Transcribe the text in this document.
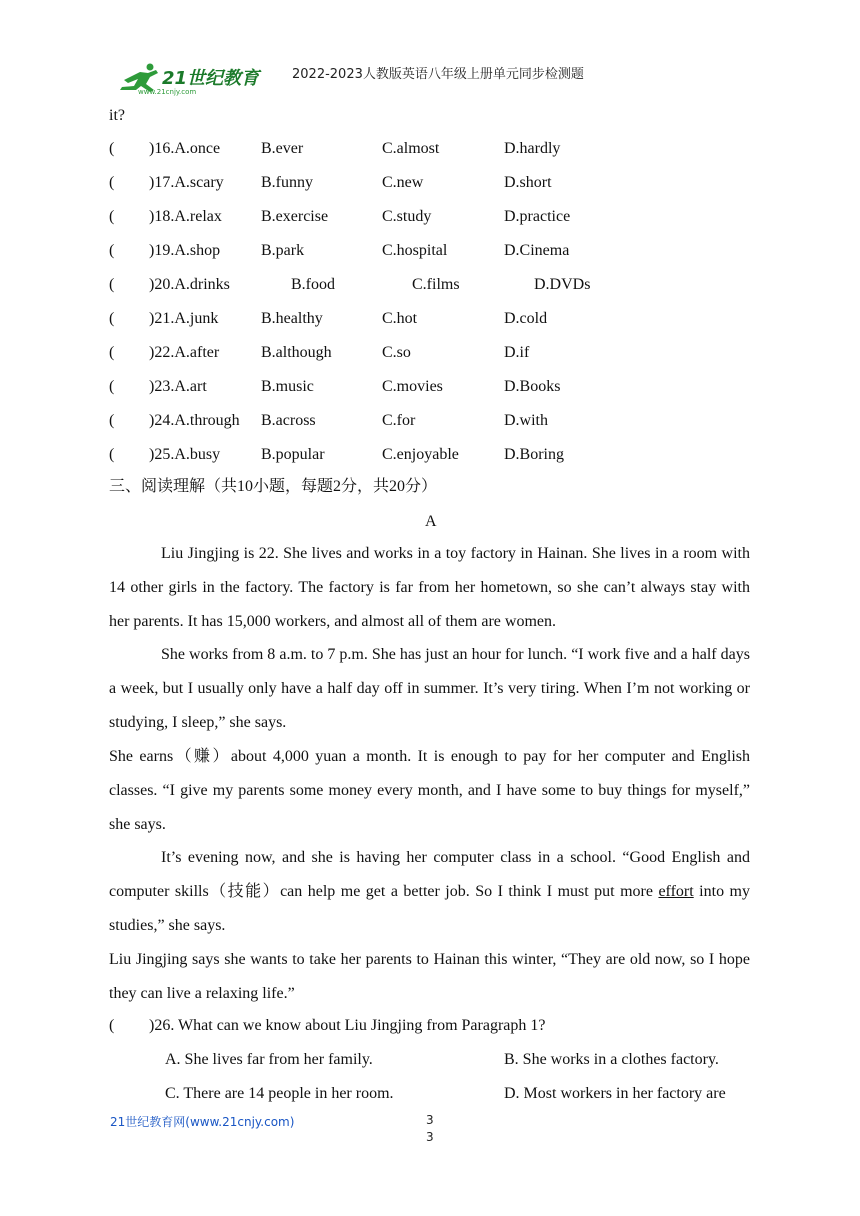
21世纪教育
www.21cnjy.com
2022-2023人教版英语八年级上册单元同步检测题
it?
( )16.A.once	B.ever	C.almost	D.hardly
( )17.A.scary B.funny	C.new	D.short
( )18.A.relax B.exercise	C.study	D.practice
( )19.A.shop	B.park	C.hospital	D.Cinema
( )20.A.drinks	B.food	C.films	D.DVDs
( )21.A.junk	B.healthy	C.hot	D.cold
( )22.A.after	B.although	C.so	D.if
( )23.A.art	B.music	C.movies	D.Books
( )24.A.through B.across	C.for	D.with
( )25.A.busy	B.popular	C.enjoyable	D.Boring
三、阅读理解（共10小题，每题2分，共20分）
A
Liu Jingjing is 22. She lives and works in a toy factory in Hainan. She lives in a room with 14 other girls in the factory. The factory is far from her hometown, so she can’t always stay with her parents. It has 15,000 workers, and almost all of them are women.
She works from 8 a.m. to 7 p.m. She has just an hour for lunch. “I work five and a half days a week, but I usually only have a half day off in summer. It’s very tiring. When I’m not working or studying, I sleep,” she says.
She earns（赚）about 4,000 yuan a month. It is enough to pay for her computer and English classes. “I give my parents some money every month, and I have some to buy things for myself,” she says.
It’s evening now, and she is having her computer class in a school. “Good English and computer skills（技能）can help me get a better job. So I think I must put more effort into my studies,” she says.
Liu Jingjing says she wants to take her parents to Hainan this winter, “They are old now, so I hope they can live a relaxing life.”
( )26. What can we know about Liu Jingjing from Paragraph 1?
A. She lives far from her family.	B. She works in a clothes factory.
C. There are 14 people in her room.	D. Most workers in her factory are
21世纪教育网(www.21cnjy.com)	3
3
